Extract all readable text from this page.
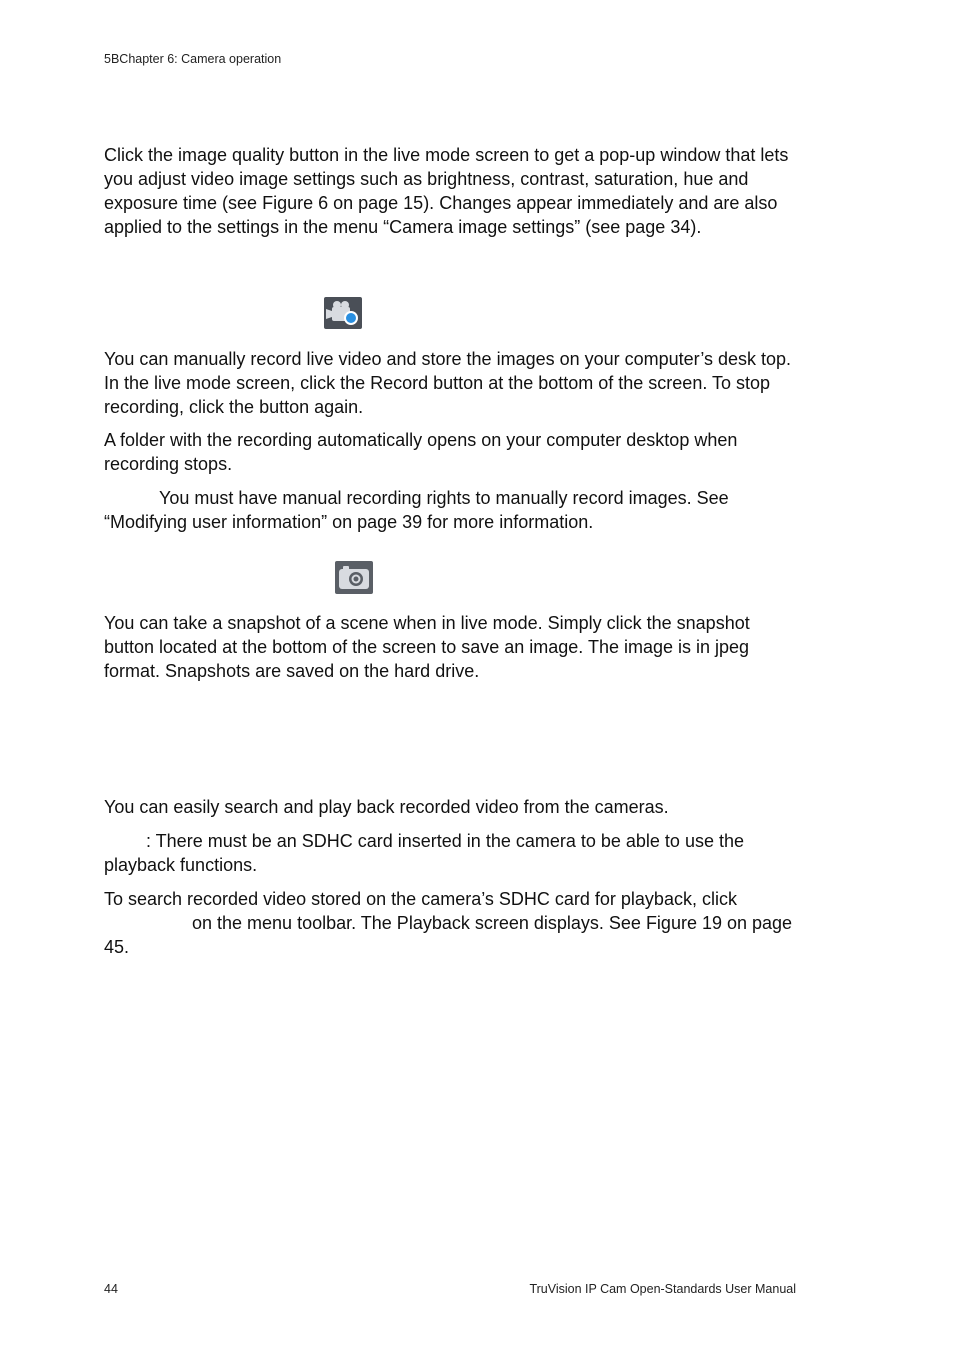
5BChapter 6: Camera operation

Click the image quality button in the live mode screen to get a pop-up window that lets you adjust video image settings such as brightness, contrast, saturation, hue and exposure time (see Figure 6 on page 15). Changes appear immediately and are also applied to the settings in the menu “Camera image settings” (see page 34).

You can manually record live video and store the images on your computer’s desk top. In the live mode screen, click the Record button at the bottom of the screen. To stop recording, click the button again.

A folder with the recording automatically opens on your computer desktop when recording stops.

You must have manual recording rights to manually record images. See “Modifying user information” on page 39 for more information.

You can take a snapshot of a scene when in live mode. Simply click the snapshot button located at the bottom of the screen to save an image. The image is in jpeg format. Snapshots are saved on the hard drive.

You can easily search and play back recorded video from the cameras.

: There must be an SDHC card inserted in the camera to be able to use the playback functions.

To search recorded video stored on the camera’s SDHC card for playback, click

on the menu toolbar. The Playback screen displays. See Figure 19 on page 45.

44	TruVision IP Cam Open-Standards User Manual
